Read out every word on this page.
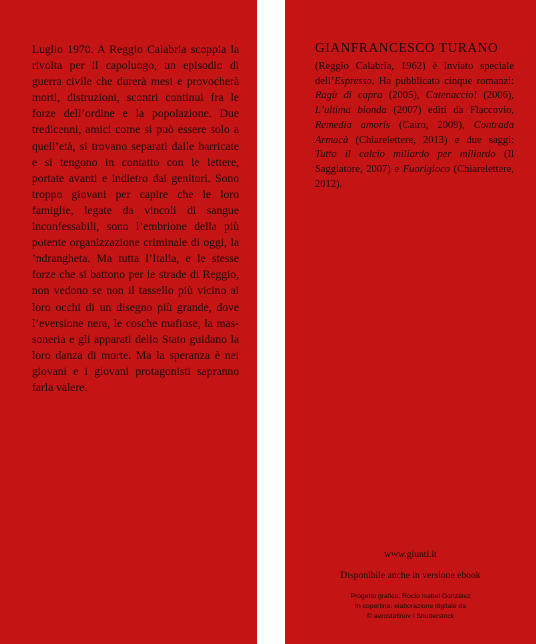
Luglio 1970. A Reggio Calabria scoppia la rivolta per il capoluogo, un episodio di guerra civile che durerà mesi e provocherà morti, distruzioni, scontri continui fra le forze dell’ordine e la popolazione. Due tredicenni, amici come si può essere solo a quell’età, si trovano separati dalle barricate e si tengono in contatto con le lettere, portate avanti e indietro dai genitori. Sono troppo giovani per capire che le loro famiglie, legate da vincoli di sangue inconfessabili, sono l’embrione della più potente organizzazione criminale di oggi, la ’ndrangheta. Ma tutta l’Italia, e le stesse forze che si battono per le strade di Reggio, non vedono se non il tassello più vicino ai loro occhi di un disegno più grande, dove l’eversione nera, le cosche mafiose, la massoneria e gli apparati dello Stato guidano la loro danza di morte. Ma la speranza è nei giovani e i giovani protagonisti sapranno farla valere.

GIANFRANCESCO TURANO

(Reggio Calabria, 1962) è inviato speciale dell’Espresso. Ha pubblicato cinque romanzi: Ragù di capra (2005), Catenaccio! (2006), L’ultima bionda (2007) editi da Flaccovio, Remedia amoris (Cairo, 2009), Contrada Armacà (Chiarelettere, 2013) e due saggi: Tutto il calcio miliardo per miliardo (Il Saggiatore, 2007) e Fuorigioco (Chiarelettere, 2012).

www.giunti.it
Disponibile anche in versione ebook
Progetto grafico: Rocío Isabel González
In copertina: elaborazione digitale da
© aerostatinov / Shutterstock
